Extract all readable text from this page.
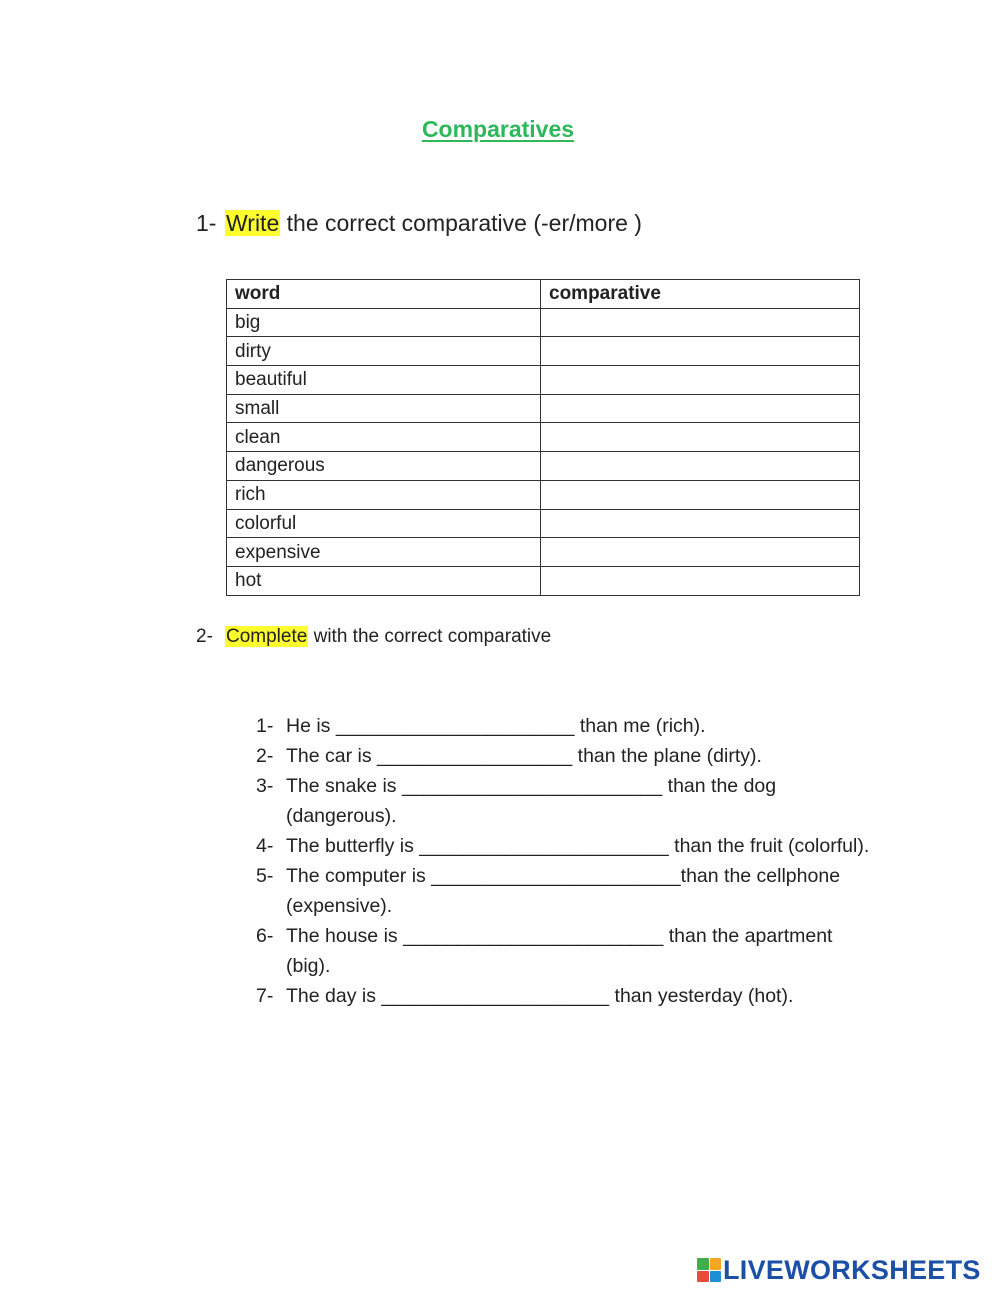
Comparatives
1- Write the correct comparative (-er/more )
word	comparative
big	
dirty	
beautiful	
small	
clean	
dangerous	
rich	
colorful	
expensive	
hot	
2- Complete with the correct comparative
1- He is ______________________ than me (rich).
2- The car is __________________ than the plane (dirty).
3- The snake is ________________________ than the dog (dangerous).
4- The butterfly is _______________________ than the fruit (colorful).
5- The computer is _______________________than the cellphone (expensive).
6- The house is ________________________ than the apartment (big).
7- The day is _____________________ than yesterday (hot).
LIVEWORKSHEETS
